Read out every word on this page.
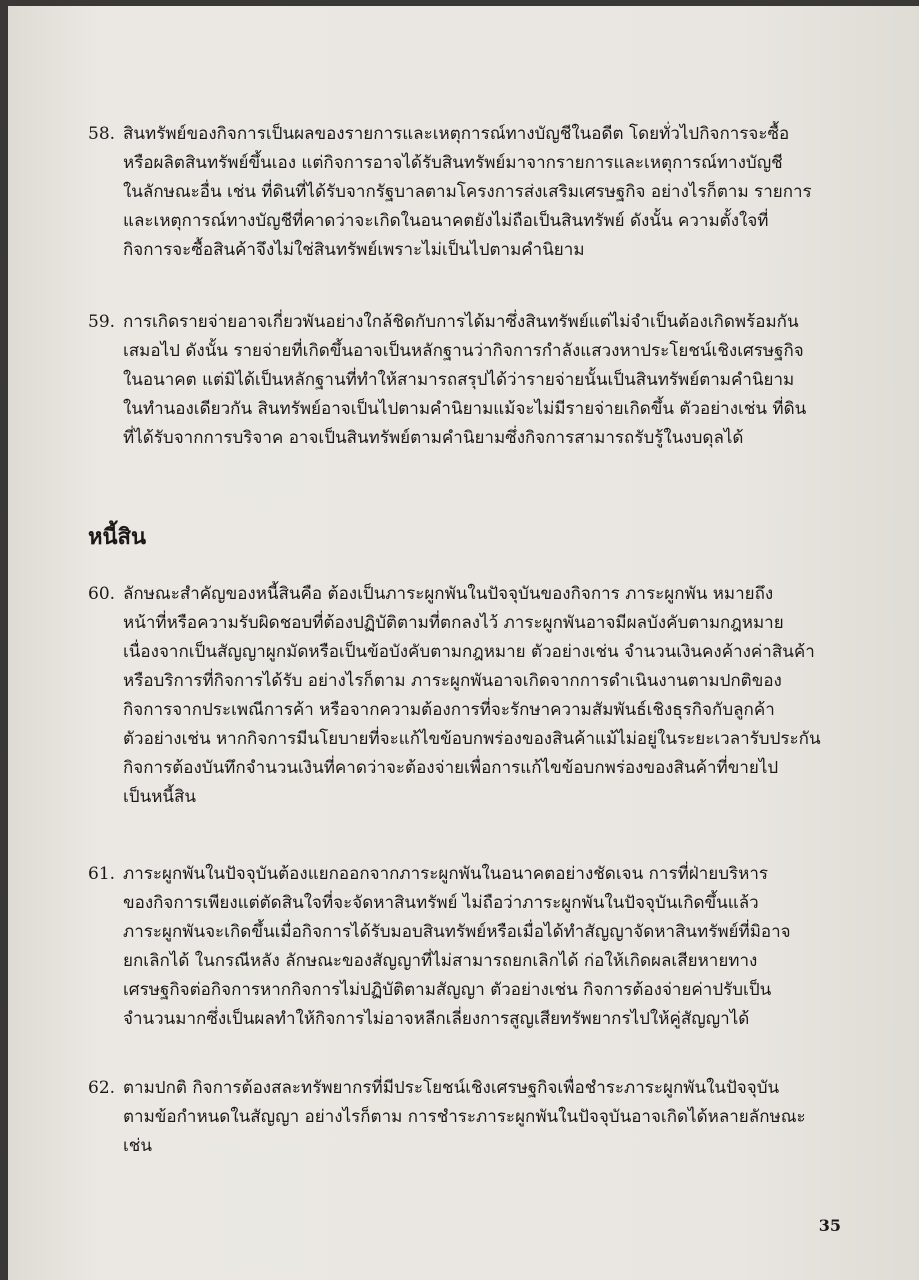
58. สินทรัพย์ของกิจการเป็นผลของรายการและเหตุการณ์ทางบัญชีในอดีต โดยทั่วไปกิจการจะซื้อ
หรือผลิตสินทรัพย์ขึ้นเอง แต่กิจการอาจได้รับสินทรัพย์มาจากรายการและเหตุการณ์ทางบัญชี
ในลักษณะอื่น เช่น ที่ดินที่ได้รับจากรัฐบาลตามโครงการส่งเสริมเศรษฐกิจ อย่างไรก็ตาม รายการ
และเหตุการณ์ทางบัญชีที่คาดว่าจะเกิดในอนาคตยังไม่ถือเป็นสินทรัพย์ ดังนั้น ความตั้งใจที่
กิจการจะซื้อสินค้าจึงไม่ใช่สินทรัพย์เพราะไม่เป็นไปตามคำนิยาม
59. การเกิดรายจ่ายอาจเกี่ยวพันอย่างใกล้ชิดกับการได้มาซึ่งสินทรัพย์แต่ไม่จำเป็นต้องเกิดพร้อมกัน
เสมอไป ดังนั้น รายจ่ายที่เกิดขึ้นอาจเป็นหลักฐานว่ากิจการกำลังแสวงหาประโยชน์เชิงเศรษฐกิจ
ในอนาคต แต่มิได้เป็นหลักฐานที่ทำให้สามารถสรุปได้ว่ารายจ่ายนั้นเป็นสินทรัพย์ตามคำนิยาม
ในทำนองเดียวกัน สินทรัพย์อาจเป็นไปตามคำนิยามแม้จะไม่มีรายจ่ายเกิดขึ้น ตัวอย่างเช่น ที่ดิน
ที่ได้รับจากการบริจาค อาจเป็นสินทรัพย์ตามคำนิยามซึ่งกิจการสามารถรับรู้ในงบดุลได้
หนี้สิน
60. ลักษณะสำคัญของหนี้สินคือ ต้องเป็นภาระผูกพันในปัจจุบันของกิจการ ภาระผูกพัน หมายถึง
หน้าที่หรือความรับผิดชอบที่ต้องปฏิบัติตามที่ตกลงไว้ ภาระผูกพันอาจมีผลบังคับตามกฎหมาย
เนื่องจากเป็นสัญญาผูกมัดหรือเป็นข้อบังคับตามกฎหมาย ตัวอย่างเช่น จำนวนเงินคงค้างค่าสินค้า
หรือบริการที่กิจการได้รับ อย่างไรก็ตาม ภาระผูกพันอาจเกิดจากการดำเนินงานตามปกติของ
กิจการจากประเพณีการค้า หรือจากความต้องการที่จะรักษาความสัมพันธ์เชิงธุรกิจกับลูกค้า
ตัวอย่างเช่น หากกิจการมีนโยบายที่จะแก้ไขข้อบกพร่องของสินค้าแม้ไม่อยู่ในระยะเวลารับประกัน
กิจการต้องบันทึกจำนวนเงินที่คาดว่าจะต้องจ่ายเพื่อการแก้ไขข้อบกพร่องของสินค้าที่ขายไป
เป็นหนี้สิน
61. ภาระผูกพันในปัจจุบันต้องแยกออกจากภาระผูกพันในอนาคตอย่างชัดเจน การที่ฝ่ายบริหาร
ของกิจการเพียงแต่ตัดสินใจที่จะจัดหาสินทรัพย์ ไม่ถือว่าภาระผูกพันในปัจจุบันเกิดขึ้นแล้ว
ภาระผูกพันจะเกิดขึ้นเมื่อกิจการได้รับมอบสินทรัพย์หรือเมื่อได้ทำสัญญาจัดหาสินทรัพย์ที่มิอาจ
ยกเลิกได้ ในกรณีหลัง ลักษณะของสัญญาที่ไม่สามารถยกเลิกได้ ก่อให้เกิดผลเสียหายทาง
เศรษฐกิจต่อกิจการหากกิจการไม่ปฏิบัติตามสัญญา ตัวอย่างเช่น กิจการต้องจ่ายค่าปรับเป็น
จำนวนมากซึ่งเป็นผลทำให้กิจการไม่อาจหลีกเลี่ยงการสูญเสียทรัพยากรไปให้คู่สัญญาได้
62. ตามปกติ กิจการต้องสละทรัพยากรที่มีประโยชน์เชิงเศรษฐกิจเพื่อชำระภาระผูกพันในปัจจุบัน
ตามข้อกำหนดในสัญญา อย่างไรก็ตาม การชำระภาระผูกพันในปัจจุบันอาจเกิดได้หลายลักษณะ
เช่น
35
